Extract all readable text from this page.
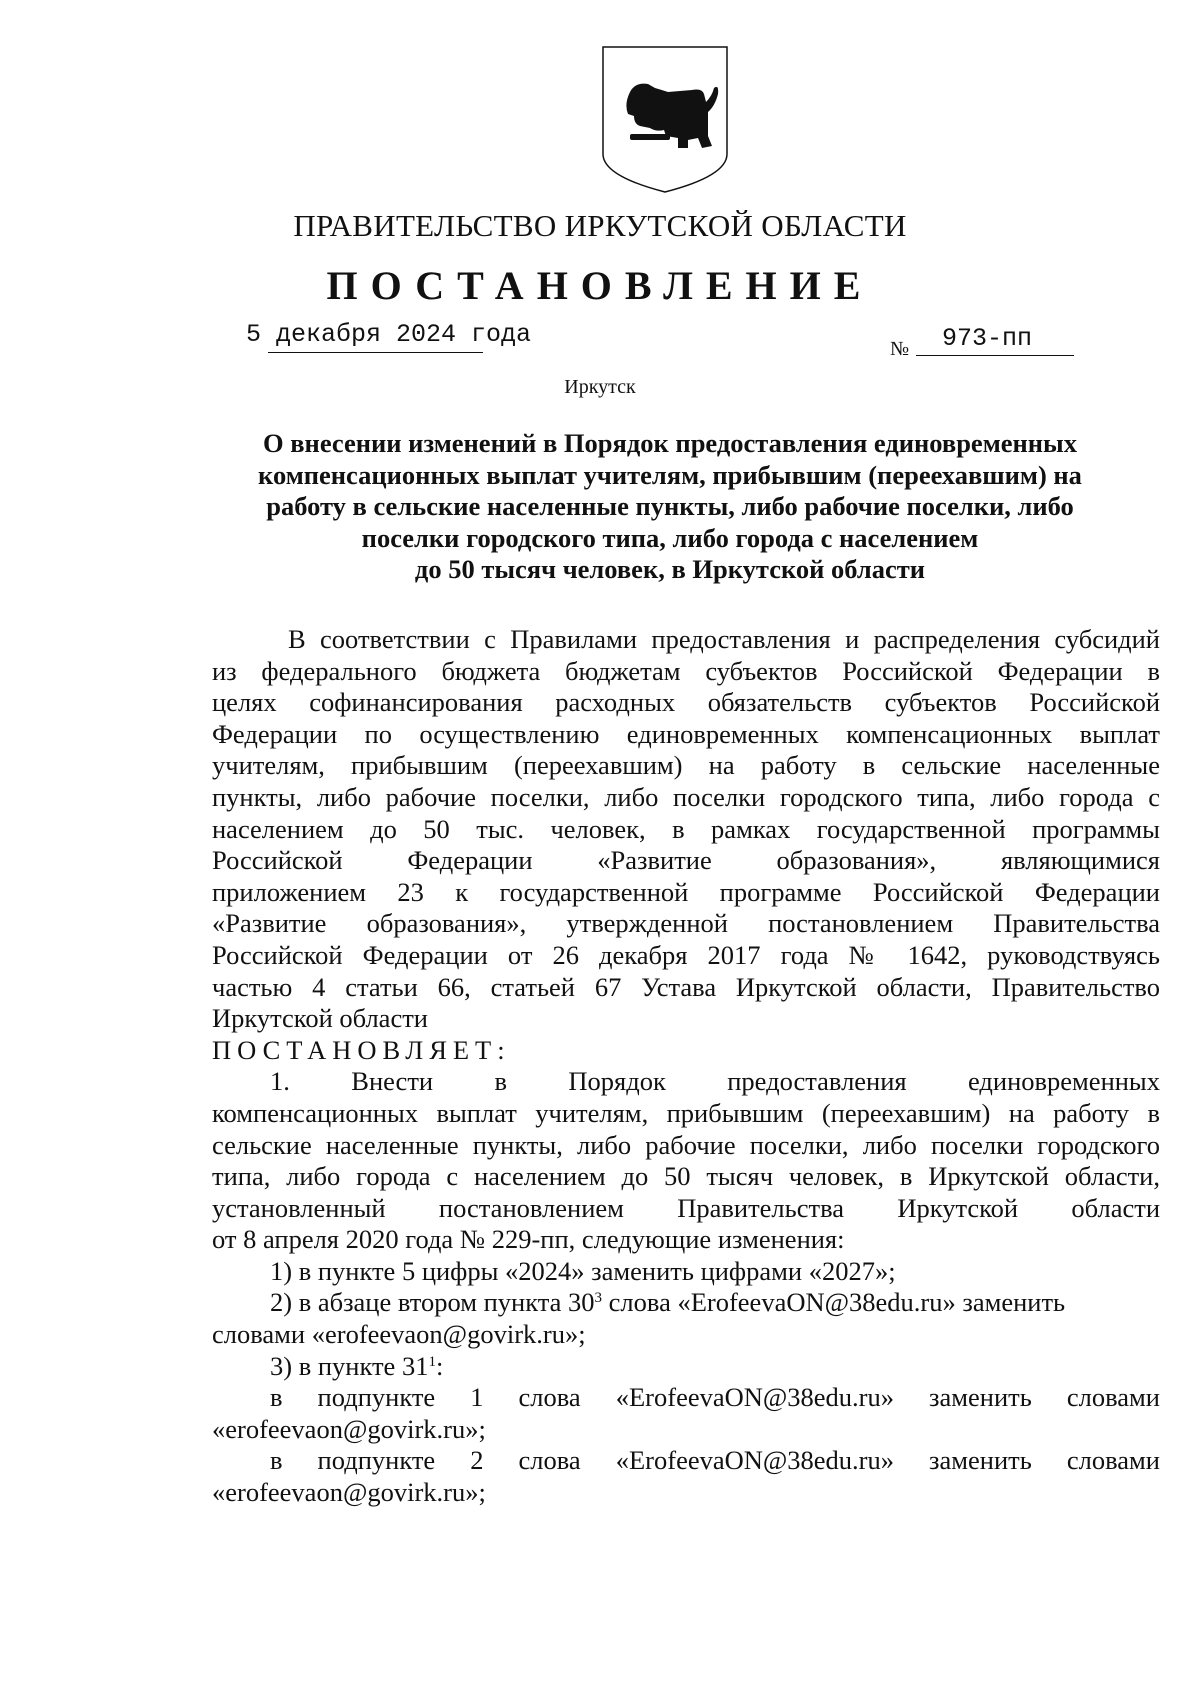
ПРАВИТЕЛЬСТВО ИРКУТСКОЙ ОБЛАСТИ
ПОСТАНОВЛЕНИЕ
5 декабря 2024 года	№ 973-пп
Иркутск
О внесении изменений в Порядок предоставления единовременных
компенсационных выплат учителям, прибывшим (переехавшим) на
работу в сельские населенные пункты, либо рабочие поселки, либо
поселки городского типа, либо города с населением
до 50 тысяч человек, в Иркутской области
В соответствии с Правилами предоставления и распределения субсидий
из федерального бюджета бюджетам субъектов Российской Федерации в
целях софинансирования расходных обязательств субъектов Российской
Федерации по осуществлению единовременных компенсационных выплат
учителям, прибывшим (переехавшим) на работу в сельские населенные
пункты, либо рабочие поселки, либо поселки городского типа, либо города с
населением до 50 тыс. человек, в рамках государственной программы
Российской Федерации «Развитие образования», являющимися
приложением 23 к государственной программе Российской Федерации
«Развитие образования», утвержденной постановлением Правительства
Российской Федерации от 26 декабря 2017 года № 1642, руководствуясь
частью 4 статьи 66, статьей 67 Устава Иркутской области, Правительство
Иркутской области
ПОСТАНОВЛЯЕТ:
1. Внести в Порядок предоставления единовременных
компенсационных выплат учителям, прибывшим (переехавшим) на работу в
сельские населенные пункты, либо рабочие поселки, либо поселки городского
типа, либо города с населением до 50 тысяч человек, в Иркутской области,
установленный постановлением Правительства Иркутской области
от 8 апреля 2020 года № 229-пп, следующие изменения:
1) в пункте 5 цифры «2024» заменить цифрами «2027»;
2) в абзаце втором пункта $30^3$ слова «ErofeevaON@38edu.ru» заменить
словами «erofeevaon@govirk.ru»;
3) в пункте $31^1$:
в подпункте 1 слова «ErofeevaON@38edu.ru» заменить словами
«erofeevaon@govirk.ru»;
в подпункте 2 слова «ErofeevaON@38edu.ru» заменить словами
«erofeevaon@govirk.ru»;
